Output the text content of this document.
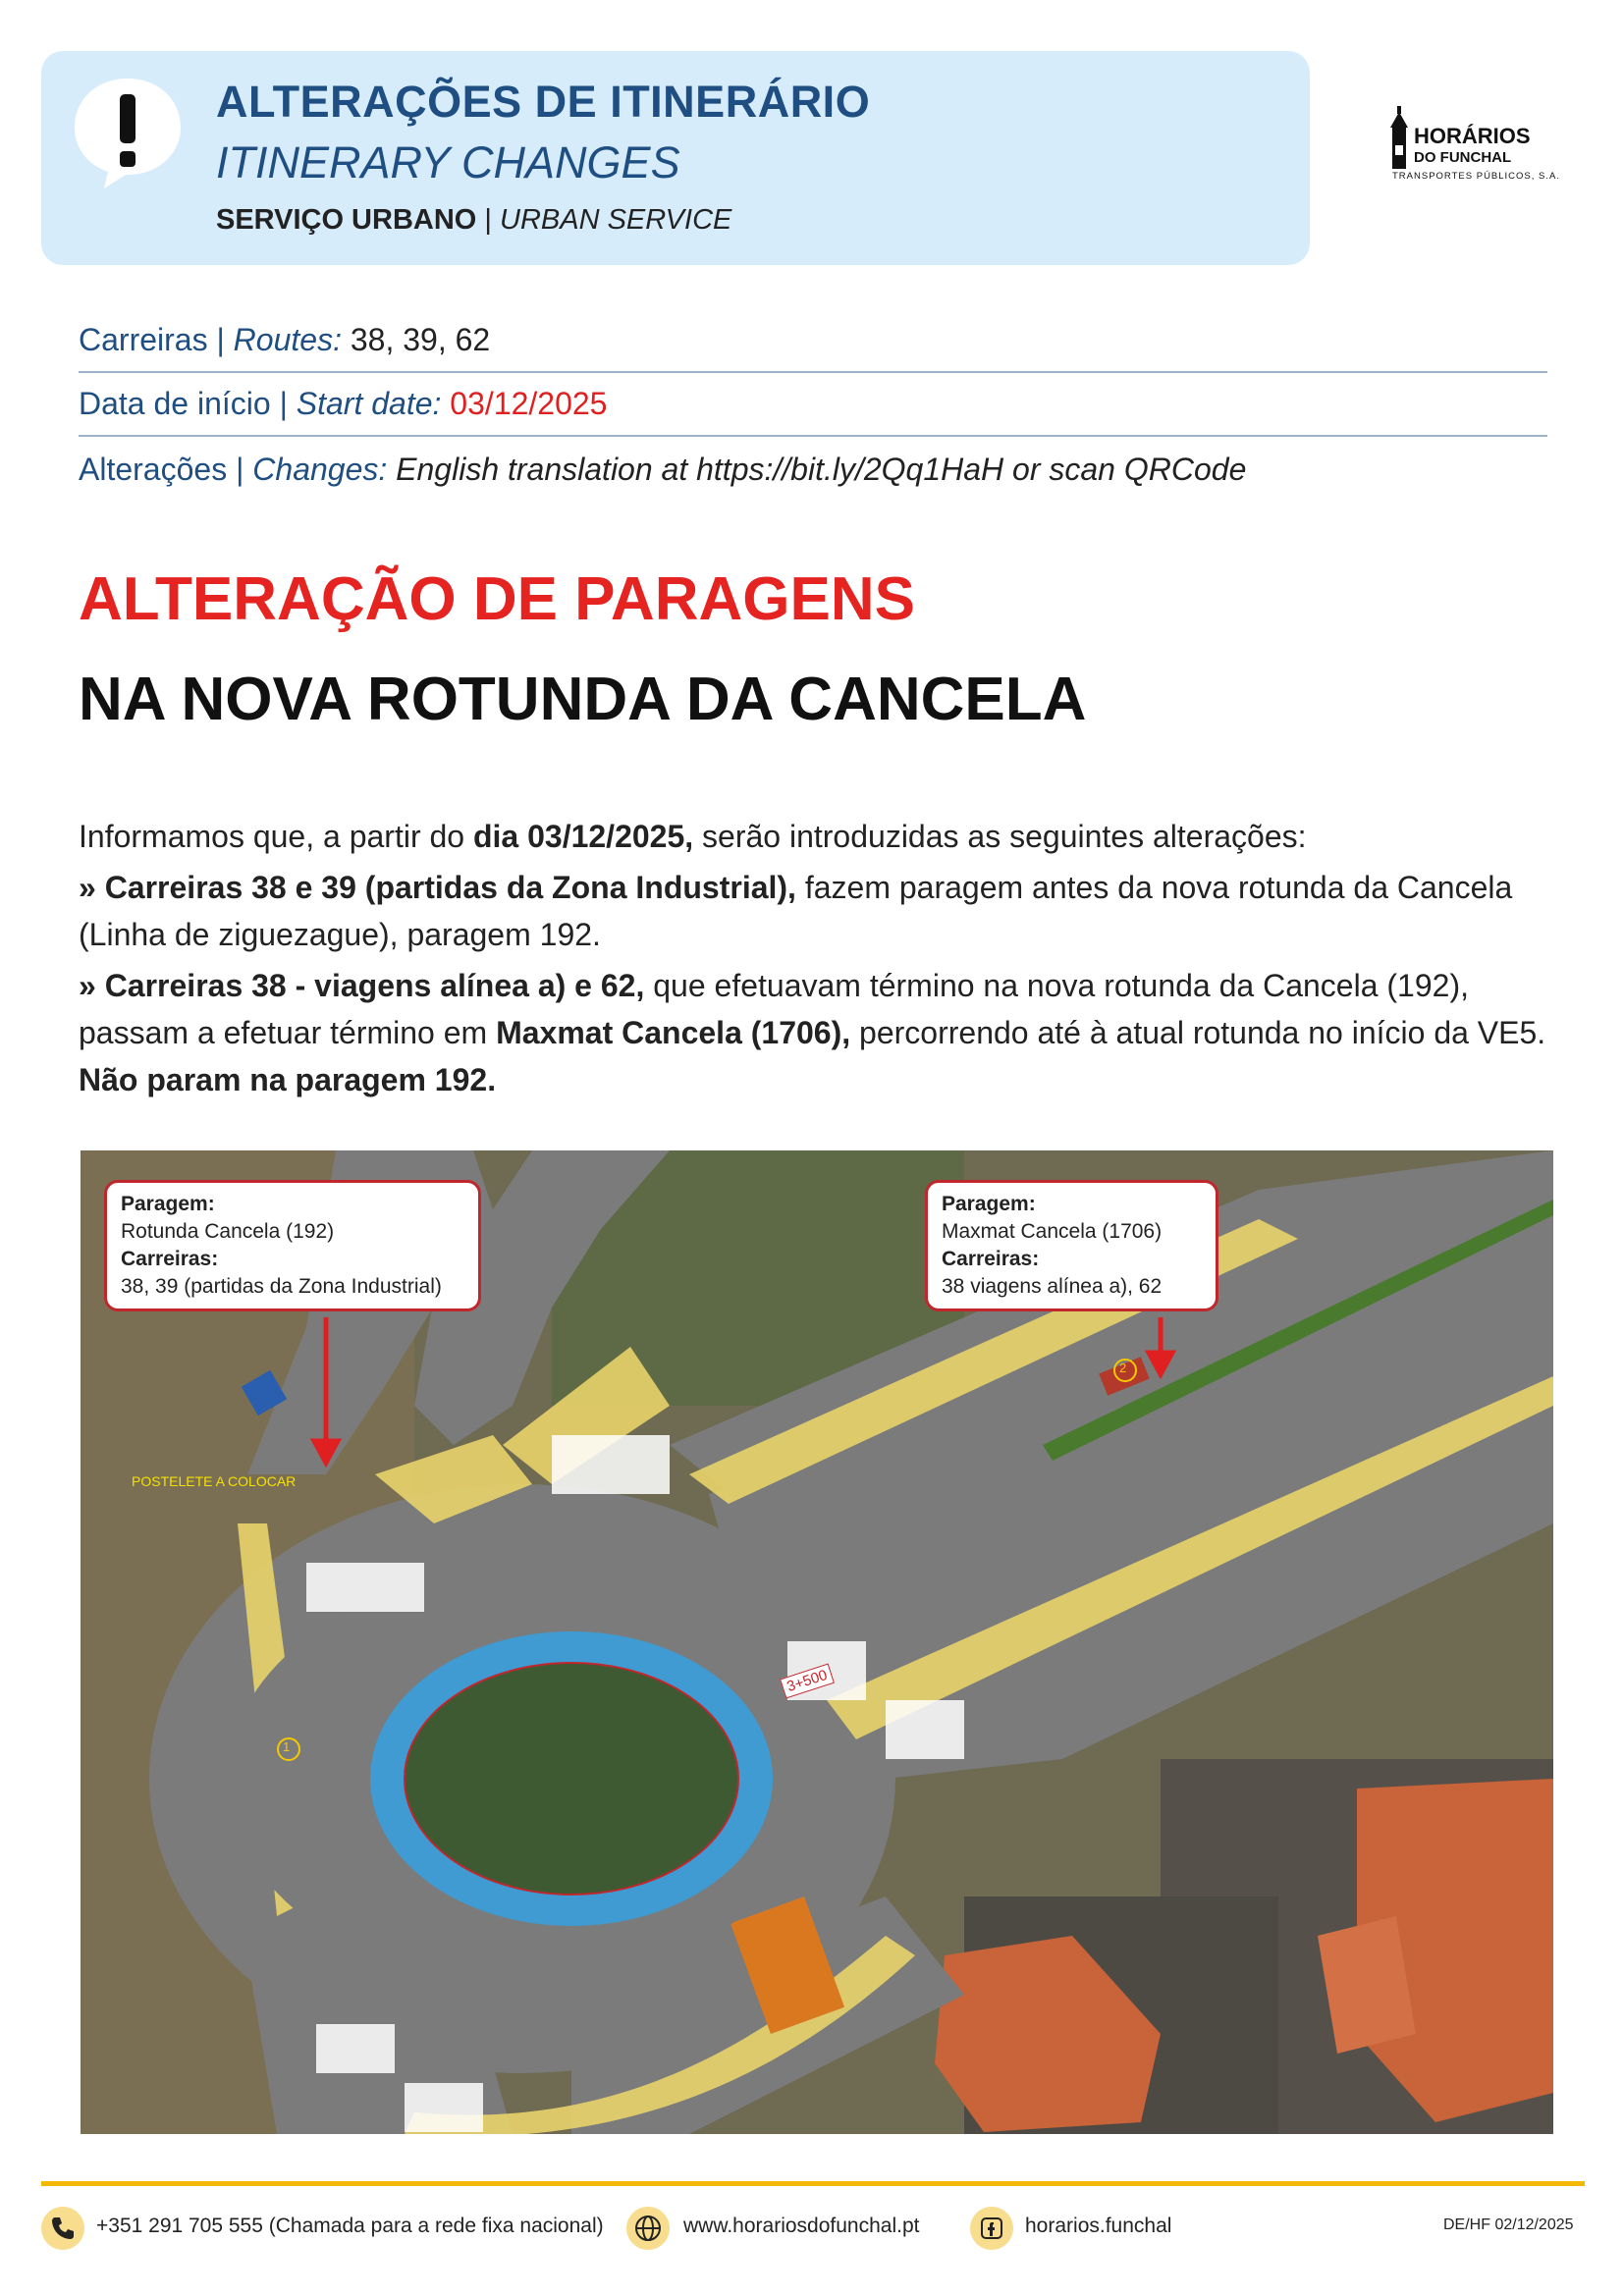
ALTERAÇÕES DE ITINERÁRIO
ITINERARY CHANGES
SERVIÇO URBANO | URBAN SERVICE
HORÁRIOS
DO FUNCHAL
TRANSPORTES PÚBLICOS, S.A.
Carreiras | Routes: 38, 39, 62
Data de início | Start date: 03/12/2025
Alterações | Changes: English translation at https://bit.ly/2Qq1HaH or scan QRCode
ALTERAÇÃO DE PARAGENS
NA NOVA ROTUNDA DA CANCELA

Informamos que, a partir do dia 03/12/2025, serão introduzidas as seguintes alterações:

» Carreiras 38 e 39 (partidas da Zona Industrial), fazem paragem antes da nova rotunda da Cancela (Linha de ziguezague), paragem 192.

» Carreiras 38 - viagens alínea a) e 62, que efetuavam término na nova rotunda da Cancela (192), passam a efetuar término em Maxmat Cancela (1706), percorrendo até à atual rotunda no início da VE5. Não param na paragem 192.

POSTELETE A COLOCAR
1
2
3+500
Paragem:
Rotunda Cancela (192)
Carreiras:
38, 39 (partidas da Zona Industrial)
Paragem:
Maxmat Cancela (1706)
Carreiras:
38 viagens alínea a), 62
+351 291 705 555 (Chamada para a rede fixa nacional)	www.horariosdofunchal.pt	horarios.funchal	DE/HF 02/12/2025
